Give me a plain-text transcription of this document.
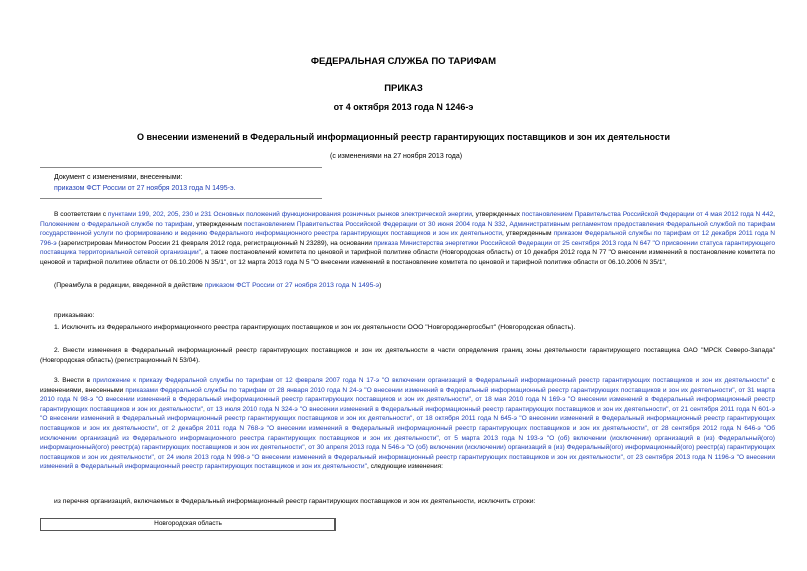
ФЕДЕРАЛЬНАЯ СЛУЖБА ПО ТАРИФАМ
ПРИКАЗ
от 4 октября 2013 года N 1246-э
О внесении изменений в Федеральный информационный реестр гарантирующих поставщиков и зон их деятельности
(с изменениями на 27 ноября 2013 года)
Документ с изменениями, внесенными:
приказом ФСТ России от 27 ноября 2013 года N 1495-э.
В соответствии с пунктами 199, 202, 205, 230 и 231 Основных положений функционирования розничных рынков электрической энергии, утвержденных постановлением Правительства Российской Федерации от 4 мая 2012 года N 442, Положением о Федеральной службе по тарифам, утвержденным постановлением Правительства Российской Федерации от 30 июня 2004 года N 332, Административным регламентом предоставления Федеральной службой по тарифам государственной услуги по формированию и ведению Федерального информационного реестра гарантирующих поставщиков и зон их деятельности, утвержденным приказом Федеральной службы по тарифам от 12 декабря 2011 года N 796-э (зарегистрирован Минюстом России 21 февраля 2012 года, регистрационный N 23289), на основании приказа Министерства энергетики Российской Федерации от 25 сентября 2013 года N 647 "О присвоении статуса гарантирующего поставщика территориальной сетевой организации", а также постановлений комитета по ценовой и тарифной политике области (Новгородская область) от 10 декабря 2012 года N 77 "О внесении изменений в постановление комитета по ценовой и тарифной политике области от 06.10.2006 N 35/1", от 12 марта 2013 года N 5 "О внесении изменений в постановление комитета по ценовой и тарифной политике области от 06.10.2006 N 35/1",
(Преамбула в редакции, введенной в действие приказом ФСТ России от 27 ноября 2013 года N 1495-э)
приказываю:
1. Исключить из Федерального информационного реестра гарантирующих поставщиков и зон их деятельности ООО "Новгородэнергосбыт" (Новгородская область).
2. Внести изменения в Федеральный информационный реестр гарантирующих поставщиков и зон их деятельности в части определения границ зоны деятельности гарантирующего поставщика ОАО "МРСК Северо-Запада" (Новгородская область) (регистрационный N 53/04).
3. Внести в приложение к приказу Федеральной службы по тарифам от 12 февраля 2007 года N 17-э "О включении организаций в Федеральный информационный реестр гарантирующих поставщиков и зон их деятельности" с изменениями, внесенными приказами Федеральной службы по тарифам от 28 января 2010 года N 24-э "О внесении изменений в Федеральный информационный реестр гарантирующих поставщиков и зон их деятельности", от 31 марта 2010 года N 98-э "О внесении изменений в Федеральный информационный реестр гарантирующих поставщиков и зон их деятельности", от 18 мая 2010 года N 169-э "О внесении изменений в Федеральный информационный реестр гарантирующих поставщиков и зон их деятельности", от 13 июля 2010 года N 324-э "О внесении изменений в Федеральный информационный реестр гарантирующих поставщиков и зон их деятельности", от 21 сентября 2011 года N 601-э "О внесении изменений в Федеральный информационный реестр гарантирующих поставщиков и зон их деятельности", от 18 октября 2011 года N 645-э "О внесении изменений в Федеральный информационный реестр гарантирующих поставщиков и зон их деятельности", от 2 декабря 2011 года N 768-э "О внесении изменений в Федеральный информационный реестр гарантирующих поставщиков и зон их деятельности", от 28 сентября 2012 года N 646-э "Об исключении организаций из Федерального информационного реестра гарантирующих поставщиков и зон их деятельности", от 5 марта 2013 года N 193-э "О (об) включении (исключении) организаций в (из) Федеральный(ого) информационный(ого) реестр(а) гарантирующих поставщиков и зон их деятельности", от 30 апреля 2013 года N 546-э "О (об) включении (исключении) организаций в (из) Федеральный(ого) информационный(ого) реестр(а) гарантирующих поставщиков и зон их деятельности", от 24 июля 2013 года N 998-э "О внесении изменений в Федеральный информационный реестр гарантирующих поставщиков и зон их деятельности", от 23 сентября 2013 года N 1196-э "О внесении изменений в Федеральный информационный реестр гарантирующих поставщиков и зон их деятельности", следующие изменения:
из перечня организаций, включаемых в Федеральный информационный реестр гарантирующих поставщиков и зон их деятельности, исключить строки:
Новгородская область
